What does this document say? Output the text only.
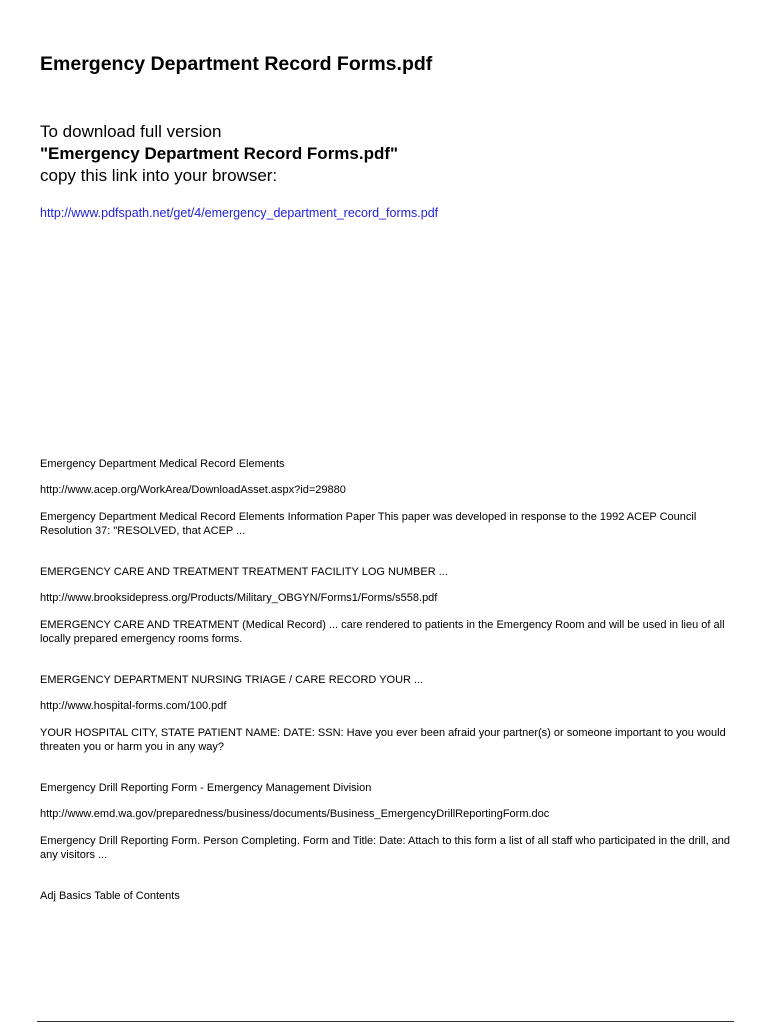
Emergency Department Record Forms.pdf
To download full version
"Emergency Department Record Forms.pdf"
copy this link into your browser:
http://www.pdfspath.net/get/4/emergency_department_record_forms.pdf
Emergency Department Medical Record Elements
http://www.acep.org/WorkArea/DownloadAsset.aspx?id=29880
Emergency Department Medical Record Elements Information Paper This paper was developed in response to the 1992 ACEP Council Resolution 37: "RESOLVED, that ACEP ...
EMERGENCY CARE AND TREATMENT TREATMENT FACILITY LOG NUMBER ...
http://www.brooksidepress.org/Products/Military_OBGYN/Forms1/Forms/s558.pdf
EMERGENCY CARE AND TREATMENT (Medical Record) ... care rendered to patients in the Emergency Room and will be used in lieu of all locally prepared emergency rooms forms.
EMERGENCY DEPARTMENT NURSING TRIAGE / CARE RECORD YOUR ...
http://www.hospital-forms.com/100.pdf
YOUR HOSPITAL CITY, STATE PATIENT NAME: DATE: SSN: Have you ever been afraid your partner(s) or someone important to you would threaten you or harm you in any way?
Emergency Drill Reporting Form - Emergency Management Division
http://www.emd.wa.gov/preparedness/business/documents/Business_EmergencyDrillReportingForm.doc
Emergency Drill Reporting Form. Person Completing. Form and Title: Date: Attach to this form a list of all staff who participated in the drill, and any visitors ...
Adj Basics Table of Contents
